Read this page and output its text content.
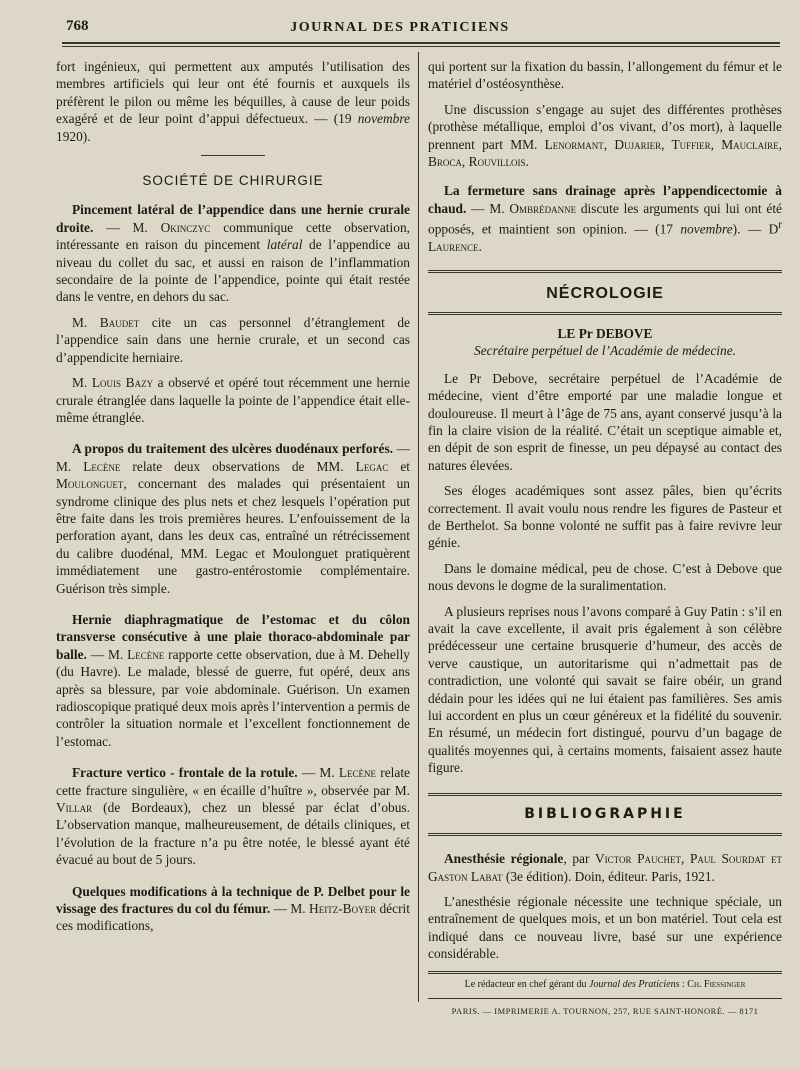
768	JOURNAL DES PRATICIENS

fort ingénieux, qui permettent aux amputés l’utilisation des membres artificiels qui leur ont été fournis et auxquels ils préfèrent le pilon ou même les béquilles, à cause de leur poids exagéré et de leur point d’appui défectueux. — (19 novembre 1920).

SOCIÉTÉ DE CHIRURGIE

Pincement latéral de l’appendice dans une hernie crurale droite. — M. Okinczyc communique cette observation, intéressante en raison du pincement latéral de l’appendice au niveau du collet du sac, et aussi en raison de l’inflammation secondaire de la pointe de l’appendice, pointe qui était restée dans le ventre, en dehors du sac.

M. Baudet cite un cas personnel d’étranglement de l’appendice sain dans une hernie crurale, et un second cas d’appendicite herniaire.

M. Louis Bazy a observé et opéré tout récemment une hernie crurale étranglée dans laquelle la pointe de l’appendice était elle-même étranglée.

A propos du traitement des ulcères duodénaux perforés. — M. Lecène relate deux observations de MM. Legac et Moulonguet, concernant des malades qui présentaient un syndrome clinique des plus nets et chez lesquels l’opération put être faite dans les trois premières heures. L’enfouissement de la perforation ayant, dans les deux cas, entraîné un rétrécissement du calibre duodénal, MM. Legac et Moulonguet pratiquèrent immédiatement une gastro-entérostomie complémentaire. Guérison très simple.

Hernie diaphragmatique de l’estomac et du côlon transverse consécutive à une plaie thoraco-abdominale par balle. — M. Lecène rapporte cette observation, due à M. Dehelly (du Havre). Le malade, blessé de guerre, fut opéré, deux ans après sa blessure, par voie abdominale. Guérison. Un examen radioscopique pratiqué deux mois après l’intervention a permis de contrôler la situation normale et l’excellent fonctionnement de l’estomac.

Fracture vertico - frontale de la rotule. — M. Lecène relate cette fracture singulière, « en écaille d’huître », observée par M. Villar (de Bordeaux), chez un blessé par éclat d’obus. L’observation manque, malheureusement, de détails cliniques, et l’évolution de la fracture n’a pu être notée, le blessé ayant été évacué au bout de 5 jours.

Quelques modifications à la technique de P. Delbet pour le vissage des fractures du col du fémur. — M. Heitz-Boyer décrit ces modifications,

qui portent sur la fixation du bassin, l’allongement du fémur et le matériel d’ostéosynthèse.

Une discussion s’engage au sujet des différentes prothèses (prothèse métallique, emploi d’os vivant, d’os mort), à laquelle prennent part MM. Lenormant, Dujarier, Tuffier, Mauclaire, Broca, Rouvillois.

La fermeture sans drainage après l’appendicectomie à chaud. — M. Ombrédanne discute les arguments qui lui ont été opposés, et maintient son opinion. — (17 novembre). — $D^r$ Laurence.

NÉCROLOGIE
LE Pr DEBOVE
Secrétaire perpétuel de l’Académie de médecine.

Le Pr Debove, secrétaire perpétuel de l’Académie de médecine, vient d’être emporté par une maladie longue et douloureuse. Il meurt à l’âge de 75 ans, ayant conservé jusqu’à la fin la claire vision de la réalité. C’était un sceptique aimable et, en dépit de son esprit de finesse, un peu dépaysé au contact des natures élevées.

Ses éloges académiques sont assez pâles, bien qu’écrits correctement. Il avait voulu nous rendre les figures de Pasteur et de Berthelot. Sa bonne volonté ne suffit pas à faire revivre leur génie.

Dans le domaine médical, peu de chose. C’est à Debove que nous devons le dogme de la suralimentation.

A plusieurs reprises nous l’avons comparé à Guy Patin : s’il en avait la cave excellente, il avait pris également à son célèbre prédécesseur une certaine brusquerie d’humeur, des accès de verve caustique, un autoritarisme qui n’admettait pas de contradiction, une volonté qui savait se faire obéir, un grand dédain pour les idées qui ne lui étaient pas familières. Ses amis lui accordent en plus un cœur généreux et la fidélité du souvenir. En résumé, un médecin fort distingué, pourvu d’un bagage de qualités moyennes qui, à certains moments, faisaient assez haute figure.

BIBLIOGRAPHIE

Anesthésie régionale, par Victor Pauchet, Paul Sourdat et Gaston Labat (3e édition). Doin, éditeur. Paris, 1921.

L’anesthésie régionale nécessite une technique spéciale, un entraînement de quelques mois, et un bon matériel. Tout cela est indiqué dans ce nouveau livre, basé sur une expérience considérable.

Le rédacteur en chef gérant du Journal des Praticiens : Ch. Fiessinger
PARIS. — IMPRIMERIE A. TOURNON, 257, RUE SAINT-HONORÉ. — 8171
